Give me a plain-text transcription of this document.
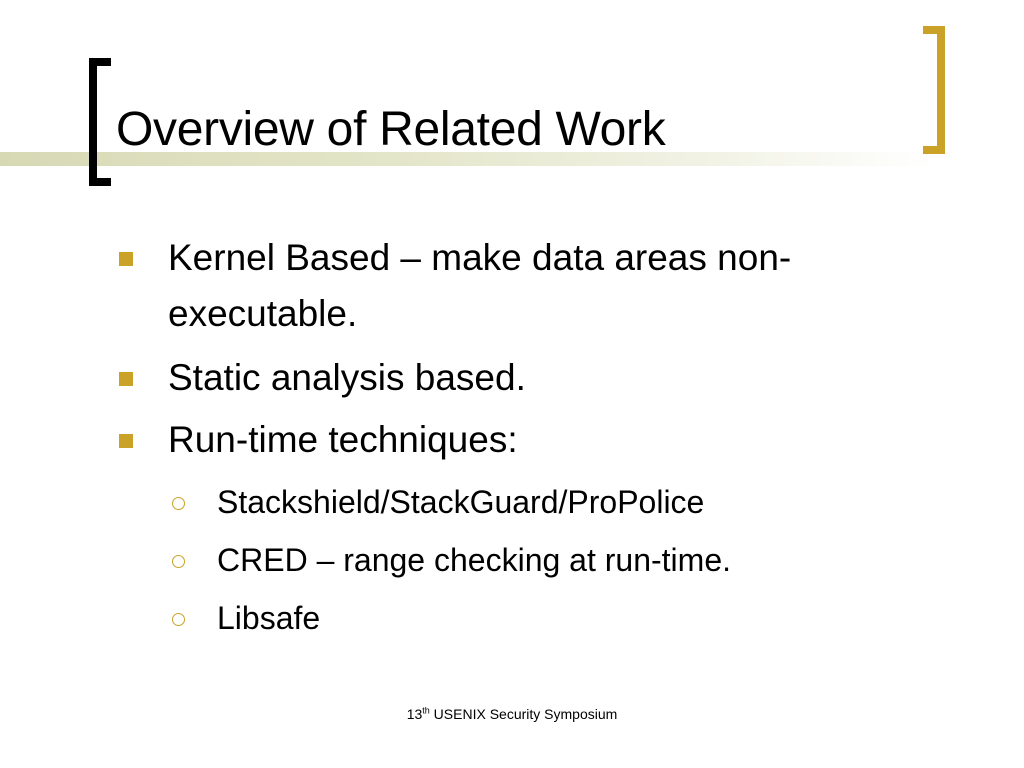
Overview of Related Work
Kernel Based – make data areas non-executable.
Static analysis based.
Run-time techniques:
Stackshield/StackGuard/ProPolice
CRED – range checking at run-time.
Libsafe
13th USENIX Security Symposium
